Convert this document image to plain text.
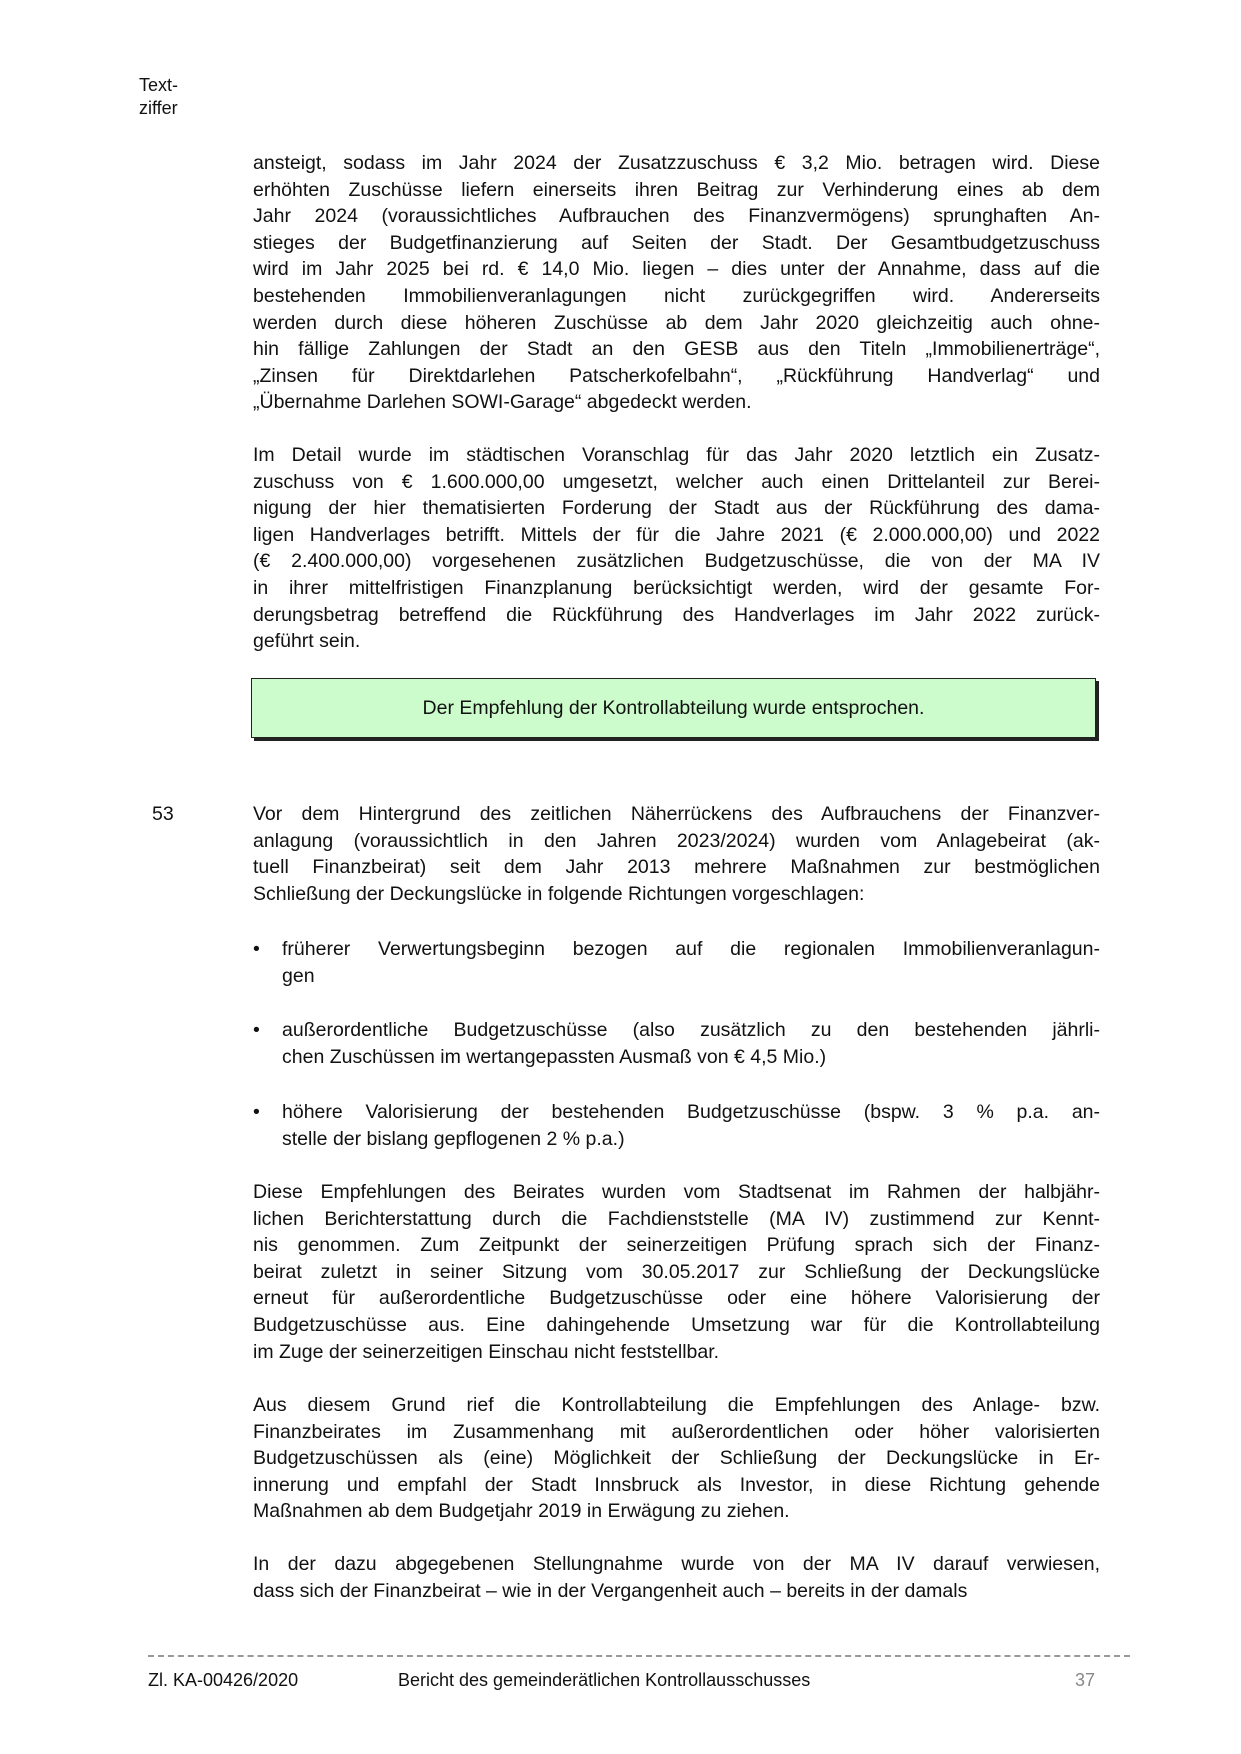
Text-
ziffer
ansteigt, sodass im Jahr 2024 der Zusatzzuschuss € 3,2 Mio. betragen wird. Diese
erhöhten Zuschüsse liefern einerseits ihren Beitrag zur Verhinderung eines ab dem
Jahr 2024 (voraussichtliches Aufbrauchen des Finanzvermögens) sprunghaften An-
stieges der Budgetfinanzierung auf Seiten der Stadt. Der Gesamtbudgetzuschuss
wird im Jahr 2025 bei rd. € 14,0 Mio. liegen – dies unter der Annahme, dass auf die
bestehenden Immobilienveranlagungen nicht zurückgegriffen wird. Andererseits
werden durch diese höheren Zuschüsse ab dem Jahr 2020 gleichzeitig auch ohne-
hin fällige Zahlungen der Stadt an den GESB aus den Titeln „Immobilienerträge“,
„Zinsen für Direktdarlehen Patscherkofelbahn“, „Rückführung Handverlag“ und
„Übernahme Darlehen SOWI-Garage“ abgedeckt werden.
Im Detail wurde im städtischen Voranschlag für das Jahr 2020 letztlich ein Zusatz-
zuschuss von € 1.600.000,00 umgesetzt, welcher auch einen Drittelanteil zur Berei-
nigung der hier thematisierten Forderung der Stadt aus der Rückführung des dama-
ligen Handverlages betrifft. Mittels der für die Jahre 2021 (€ 2.000.000,00) und 2022
(€ 2.400.000,00) vorgesehenen zusätzlichen Budgetzuschüsse, die von der MA IV
in ihrer mittelfristigen Finanzplanung berücksichtigt werden, wird der gesamte For-
derungsbetrag betreffend die Rückführung des Handverlages im Jahr 2022 zurück-
geführt sein.
Der Empfehlung der Kontrollabteilung wurde entsprochen.
53	Vor dem Hintergrund des zeitlichen Näherrückens des Aufbrauchens der Finanzver-
anlagung (voraussichtlich in den Jahren 2023/2024) wurden vom Anlagebeirat (ak-
tuell Finanzbeirat) seit dem Jahr 2013 mehrere Maßnahmen zur bestmöglichen
Schließung der Deckungslücke in folgende Richtungen vorgeschlagen:
• früherer Verwertungsbeginn bezogen auf die regionalen Immobilienveranlagun-
gen
• außerordentliche Budgetzuschüsse (also zusätzlich zu den bestehenden jährli-
chen Zuschüssen im wertangepassten Ausmaß von € 4,5 Mio.)
• höhere Valorisierung der bestehenden Budgetzuschüsse (bspw. 3 % p.a. an-
stelle der bislang gepflogenen 2 % p.a.)
Diese Empfehlungen des Beirates wurden vom Stadtsenat im Rahmen der halbjähr-
lichen Berichterstattung durch die Fachdienststelle (MA IV) zustimmend zur Kennt-
nis genommen. Zum Zeitpunkt der seinerzeitigen Prüfung sprach sich der Finanz-
beirat zuletzt in seiner Sitzung vom 30.05.2017 zur Schließung der Deckungslücke
erneut für außerordentliche Budgetzuschüsse oder eine höhere Valorisierung der
Budgetzuschüsse aus. Eine dahingehende Umsetzung war für die Kontrollabteilung
im Zuge der seinerzeitigen Einschau nicht feststellbar.
Aus diesem Grund rief die Kontrollabteilung die Empfehlungen des Anlage- bzw.
Finanzbeirates im Zusammenhang mit außerordentlichen oder höher valorisierten
Budgetzuschüssen als (eine) Möglichkeit der Schließung der Deckungslücke in Er-
innerung und empfahl der Stadt Innsbruck als Investor, in diese Richtung gehende
Maßnahmen ab dem Budgetjahr 2019 in Erwägung zu ziehen.
In der dazu abgegebenen Stellungnahme wurde von der MA IV darauf verwiesen,
dass sich der Finanzbeirat – wie in der Vergangenheit auch – bereits in der damals
Zl. KA-00426/2020	Bericht des gemeinderätlichen Kontrollausschusses	37
